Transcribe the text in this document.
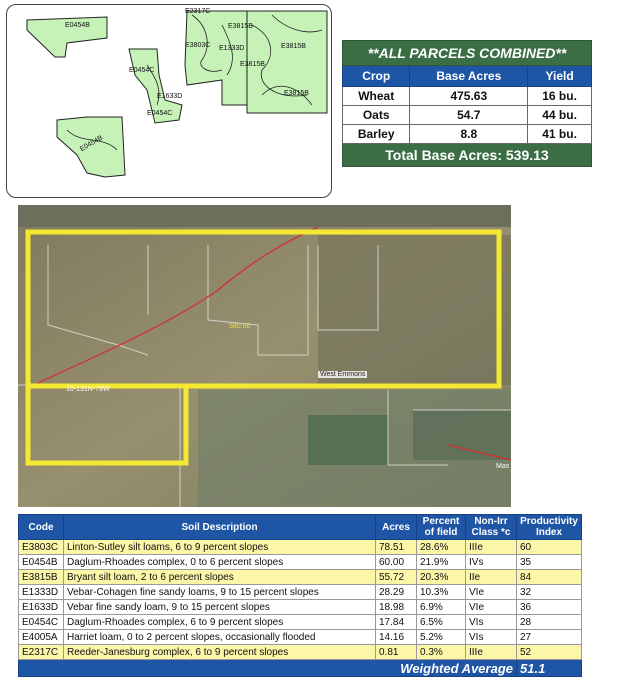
E0454B
E2317C
E3815B
E3803C E1333D	E3815B
E3815B
E0454C
E1633D
E0454C
E3815B
E0454B
**ALL PARCELS COMBINED**		
Crop	Base Acres	Yield
Wheat	475.63	16 bu.
Oats	54.7	44 bu.
Barley	8.8	41 bu.
Total Base Acres: 539.13		
580.00
West Emmons
10-131N-78W
Mas
Code	Soil Description	Acres	Percent of field	Non-Irr Class *c	Productivity Index
E3803C	Linton-Sutley silt loams, 6 to 9 percent slopes	78.51	28.6%	IIIe	60
E0454B	Daglum-Rhoades complex, 0 to 6 percent slopes	60.00	21.9%	IVs	35
E3815B	Bryant silt loam, 2 to 6 percent slopes	55.72	20.3%	IIe	84
E1333D	Vebar-Cohagen fine sandy loams, 9 to 15 percent slopes	28.29	10.3%	VIe	32
E1633D	Vebar fine sandy loam, 9 to 15 percent slopes	18.98	6.9%	VIe	36
E0454C	Daglum-Rhoades complex, 6 to 9 percent slopes	17.84	6.5%	VIs	28
E4005A	Harriet loam, 0 to 2 percent slopes, occasionally flooded	14.16	5.2%	VIs	27
E2317C	Reeder-Janesburg complex, 6 to 9 percent slopes	0.81	0.3%	IIIe	52
Weighted Average					51.1
